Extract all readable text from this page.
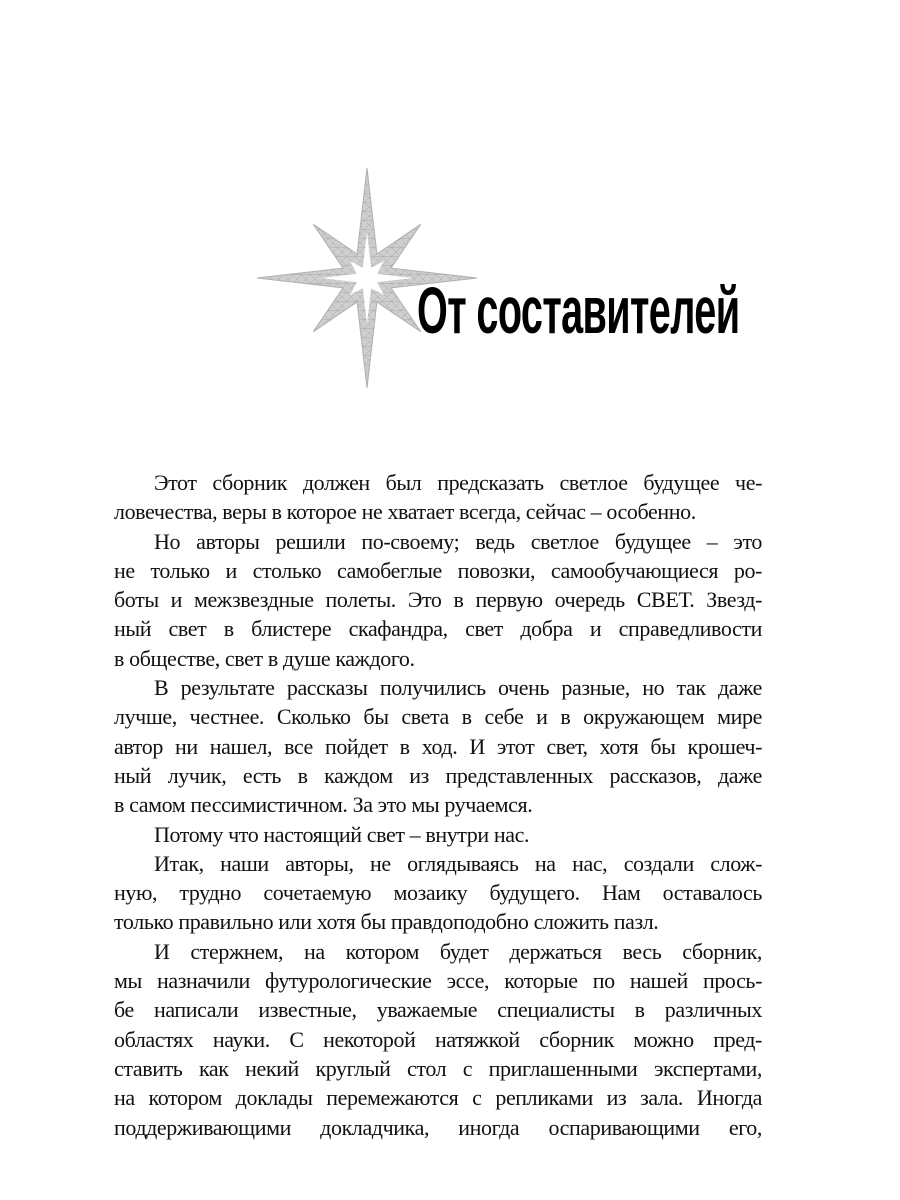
От составителей
Этот сборник должен был предсказать светлое будущее че-
ловечества, веры в которое не хватает всегда, сейчас – особенно.
Но авторы решили по-своему; ведь светлое будущее – это
не только и столько самобеглые повозки, самообучающиеся ро-
боты и межзвездные полеты. Это в первую очередь СВЕТ. Звезд-
ный свет в блистере скафандра, свет добра и справедливости
в обществе, свет в душе каждого.
В результате рассказы получились очень разные, но так даже
лучше, честнее. Сколько бы света в себе и в окружающем мире
автор ни нашел, все пойдет в ход. И этот свет, хотя бы крошеч-
ный лучик, есть в каждом из представленных рассказов, даже
в самом пессимистичном. За это мы ручаемся.
Потому что настоящий свет – внутри нас.
Итак, наши авторы, не оглядываясь на нас, создали слож-
ную, трудно сочетаемую мозаику будущего. Нам оставалось
только правильно или хотя бы правдоподобно сложить пазл.
И стержнем, на котором будет держаться весь сборник,
мы назначили футурологические эссе, которые по нашей прось-
бе написали известные, уважаемые специалисты в различных
областях науки. С некоторой натяжкой сборник можно пред-
ставить как некий круглый стол с приглашенными экспертами,
на котором доклады перемежаются с репликами из зала. Иногда
поддерживающими докладчика, иногда оспаривающими его,
